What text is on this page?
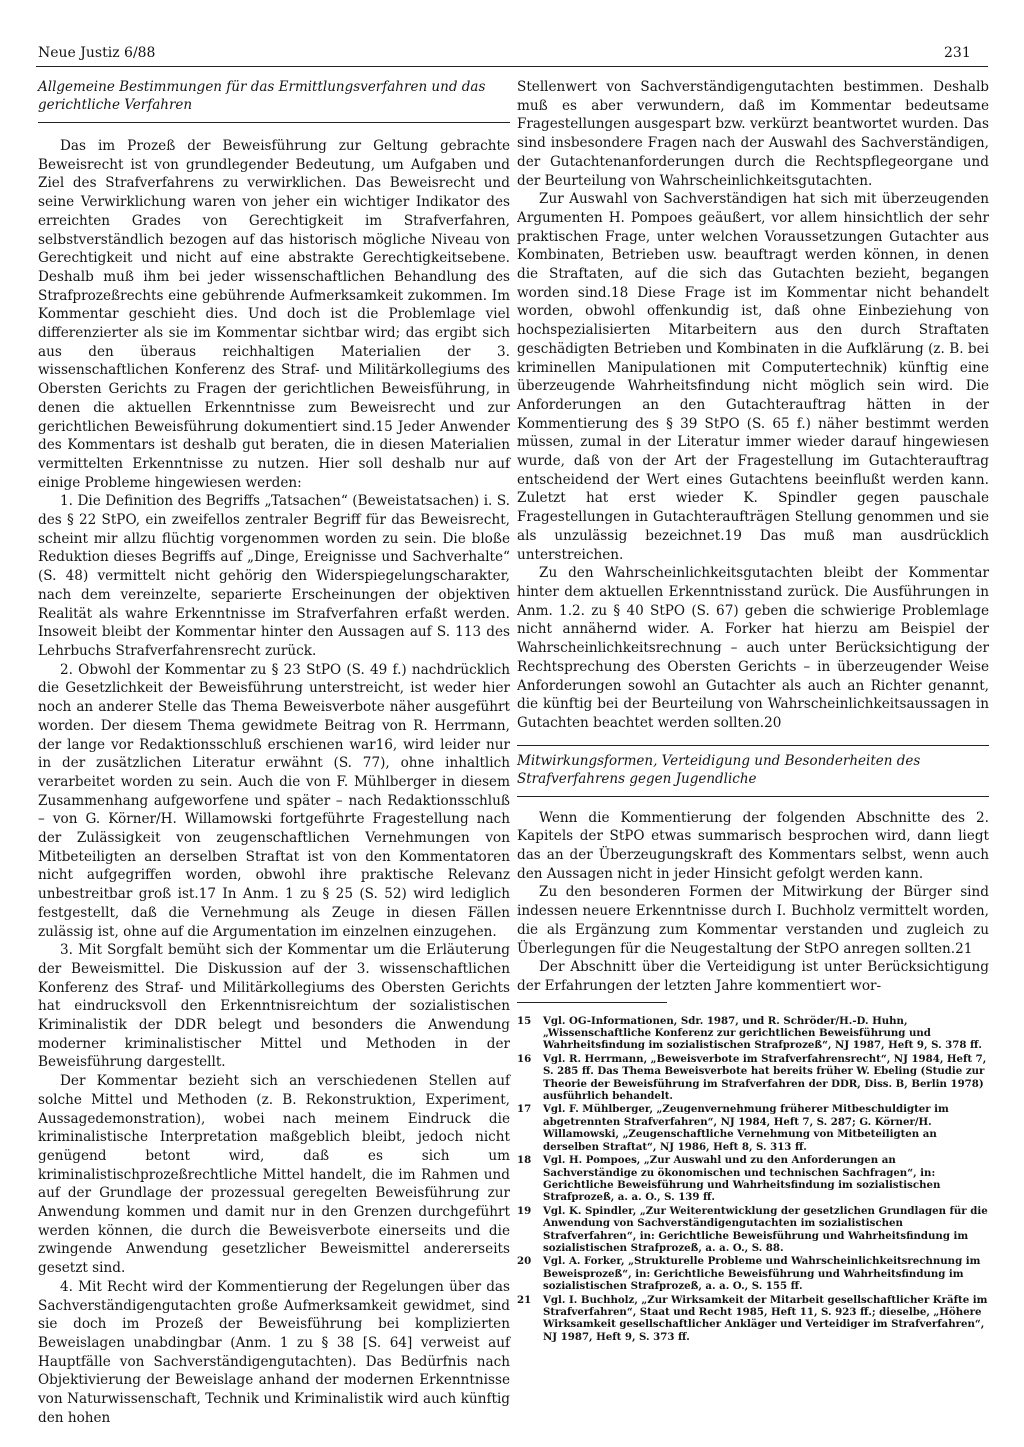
Neue Justiz 6/88	231

Allgemeine Bestimmungen für das Ermittlungsverfahren und das gerichtliche Verfahren

Das im Prozeß der Beweisführung zur Geltung gebrachte Beweisrecht ist von grundlegender Bedeutung, um Aufgaben und Ziel des Strafverfahrens zu verwirklichen. Das Beweisrecht und seine Verwirklichung waren von jeher ein wichtiger Indikator des erreichten Grades von Gerechtigkeit im Strafverfahren, selbstverständlich bezogen auf das historisch mögliche Niveau von Gerechtigkeit und nicht auf eine abstrakte Gerechtigkeitsebene. Deshalb muß ihm bei jeder wissenschaftlichen Behandlung des Strafprozeßrechts eine gebührende Aufmerksamkeit zukommen. Im Kommentar geschieht dies. Und doch ist die Problemlage viel differenzierter als sie im Kommentar sichtbar wird; das ergibt sich aus den überaus reichhaltigen Materialien der 3. wissenschaftlichen Konferenz des Straf- und Militärkollegiums des Obersten Gerichts zu Fragen der gerichtlichen Beweisführung, in denen die aktuellen Erkenntnisse zum Beweisrecht und zur gerichtlichen Beweisführung dokumentiert sind.15 Jeder Anwender des Kommentars ist deshalb gut beraten, die in diesen Materialien vermittelten Erkenntnisse zu nutzen. Hier soll deshalb nur auf einige Probleme hingewiesen werden:

1. Die Definition des Begriffs „Tatsachen“ (Beweistatsachen) i. S. des § 22 StPO, ein zweifellos zentraler Begriff für das Beweisrecht, scheint mir allzu flüchtig vorgenommen worden zu sein. Die bloße Reduktion dieses Begriffs auf „Dinge, Ereignisse und Sachverhalte“ (S. 48) vermittelt nicht gehörig den Widerspiegelungscharakter, nach dem vereinzelte, separierte Erscheinungen der objektiven Realität als wahre Erkenntnisse im Strafverfahren erfaßt werden. Insoweit bleibt der Kommentar hinter den Aussagen auf S. 113 des Lehrbuchs Strafverfahrensrecht zurück.

2. Obwohl der Kommentar zu § 23 StPO (S. 49 f.) nachdrücklich die Gesetzlichkeit der Beweisführung unterstreicht, ist weder hier noch an anderer Stelle das Thema Beweisverbote näher ausgeführt worden. Der diesem Thema gewidmete Beitrag von R. Herrmann, der lange vor Redaktionsschluß erschienen war16, wird leider nur in der zusätzlichen Literatur erwähnt (S. 77), ohne inhaltlich verarbeitet worden zu sein. Auch die von F. Mühlberger in diesem Zusammenhang aufgeworfene und später – nach Redaktionsschluß – von G. Körner/H. Willamowski fortgeführte Fragestellung nach der Zulässigkeit von zeugenschaftlichen Vernehmungen von Mitbeteiligten an derselben Straftat ist von den Kommentatoren nicht aufgegriffen worden, obwohl ihre praktische Relevanz unbestreitbar groß ist.17 In Anm. 1 zu § 25 (S. 52) wird lediglich festgestellt, daß die Vernehmung als Zeuge in diesen Fällen zulässig ist, ohne auf die Argumentation im einzelnen einzugehen.

3. Mit Sorgfalt bemüht sich der Kommentar um die Erläuterung der Beweismittel. Die Diskussion auf der 3. wissenschaftlichen Konferenz des Straf- und Militärkollegiums des Obersten Gerichts hat eindrucksvoll den Erkenntnisreichtum der sozialistischen Kriminalistik der DDR belegt und besonders die Anwendung moderner kriminalistischer Mittel und Methoden in der Beweisführung dargestellt.

Der Kommentar bezieht sich an verschiedenen Stellen auf solche Mittel und Methoden (z. B. Rekonstruktion, Experiment, Aussagedemonstration), wobei nach meinem Eindruck die kriminalistische Interpretation maßgeblich bleibt, jedoch nicht genügend betont wird, daß es sich um kriminalistischprozeßrechtliche Mittel handelt, die im Rahmen und auf der Grundlage der prozessual geregelten Beweisführung zur Anwendung kommen und damit nur in den Grenzen durchgeführt werden können, die durch die Beweisverbote einerseits und die zwingende Anwendung gesetzlicher Beweismittel andererseits gesetzt sind.

4. Mit Recht wird der Kommentierung der Regelungen über das Sachverständigengutachten große Aufmerksamkeit gewidmet, sind sie doch im Prozeß der Beweisführung bei komplizierten Beweislagen unabdingbar (Anm. 1 zu § 38 [S. 64] verweist auf Hauptfälle von Sachverständigengutachten). Das Bedürfnis nach Objektivierung der Beweislage anhand der modernen Erkenntnisse von Naturwissenschaft, Technik und Kriminalistik wird auch künftig den hohen

Stellenwert von Sachverständigengutachten bestimmen. Deshalb muß es aber verwundern, daß im Kommentar bedeutsame Fragestellungen ausgespart bzw. verkürzt beantwortet wurden. Das sind insbesondere Fragen nach der Auswahl des Sachverständigen, der Gutachtenanforderungen durch die Rechtspflegeorgane und der Beurteilung von Wahrscheinlichkeitsgutachten.

Zur Auswahl von Sachverständigen hat sich mit überzeugenden Argumenten H. Pompoes geäußert, vor allem hinsichtlich der sehr praktischen Frage, unter welchen Voraussetzungen Gutachter aus Kombinaten, Betrieben usw. beauftragt werden können, in denen die Straftaten, auf die sich das Gutachten bezieht, begangen worden sind.18 Diese Frage ist im Kommentar nicht behandelt worden, obwohl offenkundig ist, daß ohne Einbeziehung von hochspezialisierten Mitarbeitern aus den durch Straftaten geschädigten Betrieben und Kombinaten in die Aufklärung (z. B. bei kriminellen Manipulationen mit Computertechnik) künftig eine überzeugende Wahrheitsfindung nicht möglich sein wird. Die Anforderungen an den Gutachterauftrag hätten in der Kommentierung des § 39 StPO (S. 65 f.) näher bestimmt werden müssen, zumal in der Literatur immer wieder darauf hingewiesen wurde, daß von der Art der Fragestellung im Gutachterauftrag entscheidend der Wert eines Gutachtens beeinflußt werden kann. Zuletzt hat erst wieder K. Spindler gegen pauschale Fragestellungen in Gutachteraufträgen Stellung genommen und sie als unzulässig bezeichnet.19 Das muß man ausdrücklich unterstreichen.

Zu den Wahrscheinlichkeitsgutachten bleibt der Kommentar hinter dem aktuellen Erkenntnisstand zurück. Die Ausführungen in Anm. 1.2. zu § 40 StPO (S. 67) geben die schwierige Problemlage nicht annähernd wider. A. Forker hat hierzu am Beispiel der Wahrscheinlichkeitsrechnung – auch unter Berücksichtigung der Rechtsprechung des Obersten Gerichts – in überzeugender Weise Anforderungen sowohl an Gutachter als auch an Richter genannt, die künftig bei der Beurteilung von Wahrscheinlichkeitsaussagen in Gutachten beachtet werden sollten.20

Mitwirkungsformen, Verteidigung und Besonderheiten des Strafverfahrens gegen Jugendliche

Wenn die Kommentierung der folgenden Abschnitte des 2. Kapitels der StPO etwas summarisch besprochen wird, dann liegt das an der Überzeugungskraft des Kommentars selbst, wenn auch den Aussagen nicht in jeder Hinsicht gefolgt werden kann.

Zu den besonderen Formen der Mitwirkung der Bürger sind indessen neuere Erkenntnisse durch I. Buchholz vermittelt worden, die als Ergänzung zum Kommentar verstanden und zugleich zu Überlegungen für die Neugestaltung der StPO anregen sollten.21

Der Abschnitt über die Verteidigung ist unter Berücksichtigung der Erfahrungen der letzten Jahre kommentiert wor-

15	Vgl. OG-Informationen, Sdr. 1987, und R. Schröder/H.-D. Huhn, „Wissenschaftliche Konferenz zur gerichtlichen Beweisführung und Wahrheitsfindung im sozialistischen Strafprozeß“, NJ 1987, Heft 9, S. 378 ff.
16	Vgl. R. Herrmann, „Beweisverbote im Strafverfahrensrecht“, NJ 1984, Heft 7, S. 285 ff. Das Thema Beweisverbote hat bereits früher W. Ebeling (Studie zur Theorie der Beweisführung im Strafverfahren der DDR, Diss. B, Berlin 1978) ausführlich behandelt.
17	Vgl. F. Mühlberger, „Zeugenvernehmung früherer Mitbeschuldigter im abgetrennten Strafverfahren“, NJ 1984, Heft 7, S. 287; G. Körner/H. Willamowski, „Zeugenschaftliche Vernehmung von Mitbeteiligten an derselben Straftat“, NJ 1986, Heft 8, S. 313 ff.
18	Vgl. H. Pompoes, „Zur Auswahl und zu den Anforderungen an Sachverständige zu ökonomischen und technischen Sachfragen“, in: Gerichtliche Beweisführung und Wahrheitsfindung im sozialistischen Strafprozeß, a. a. O., S. 139 ff.
19	Vgl. K. Spindler, „Zur Weiterentwicklung der gesetzlichen Grundlagen für die Anwendung von Sachverständigengutachten im sozialistischen Strafverfahren“, in: Gerichtliche Beweisführung und Wahrheitsfindung im sozialistischen Strafprozeß, a. a. O., S. 88.
20	Vgl. A. Forker, „Strukturelle Probleme und Wahrscheinlichkeitsrechnung im Beweisprozeß“, in: Gerichtliche Beweisführung und Wahrheitsfindung im sozialistischen Strafprozeß, a. a. O., S. 155 ff.
21	Vgl. I. Buchholz, „Zur Wirksamkeit der Mitarbeit gesellschaftlicher Kräfte im Strafverfahren“, Staat und Recht 1985, Heft 11, S. 923 ff.; dieselbe, „Höhere Wirksamkeit gesellschaftlicher Ankläger und Verteidiger im Strafverfahren“, NJ 1987, Heft 9, S. 373 ff.
